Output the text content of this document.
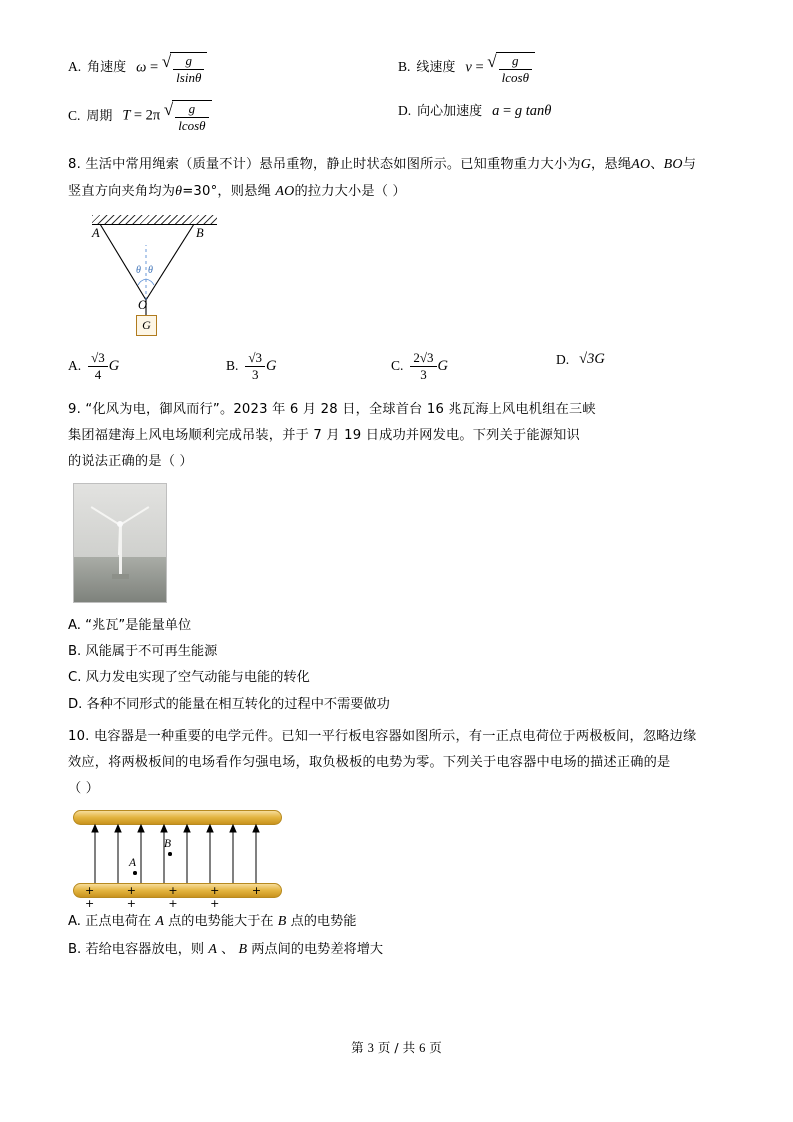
A. 角速度 ω = √ $\frac{g}{lsin\theta}$	B. 线速度 v = √ $\frac{g}{lcos\theta}$
C. 周期 T = 2π √ $\frac{g}{lcos\theta}$	D. 向心加速度 a = g tanθ
8. 生活中常用绳索（质量不计）悬吊重物，静止时状态如图所示。已知重物重力大小为G，悬绳AO、BO与
竖直方向夹角均为θ=30°，则悬绳 AO的拉力大小是（ ）
A	B
θ θ
O
G
A. $\frac{√3}{4}$ G	B. $\frac{√3}{3}$ G	C. $\frac{2√3}{3}$ G	D. √3G
9. “化风为电，御风而行”。2023 年 6 月 28 日，全球首台 16 兆瓦海上风电机组在三峡
集团福建海上风电场顺利完成吊装，并于 7 月 19 日成功并网发电。下列关于能源知识
的说法正确的是（ ）
A. “兆瓦”是能量单位
B. 风能属于不可再生能源
C. 风力发电实现了空气动能与电能的转化
D. 各种不同形式的能量在相互转化的过程中不需要做功
10. 电容器是一种重要的电学元件。已知一平行板电容器如图所示，有一正点电荷位于两极板间，忽略边缘
效应，将两极板间的电场看作匀强电场，取负极板的电势为零。下列关于电容器中电场的描述正确的是
（ ）
B
A
+ + + + + + + + +
A. 正点电荷在 A 点的电势能大于在 B 点的电势能
B. 若给电容器放电，则 A 、 B 两点间的电势差将增大
第 3 页 / 共 6 页
